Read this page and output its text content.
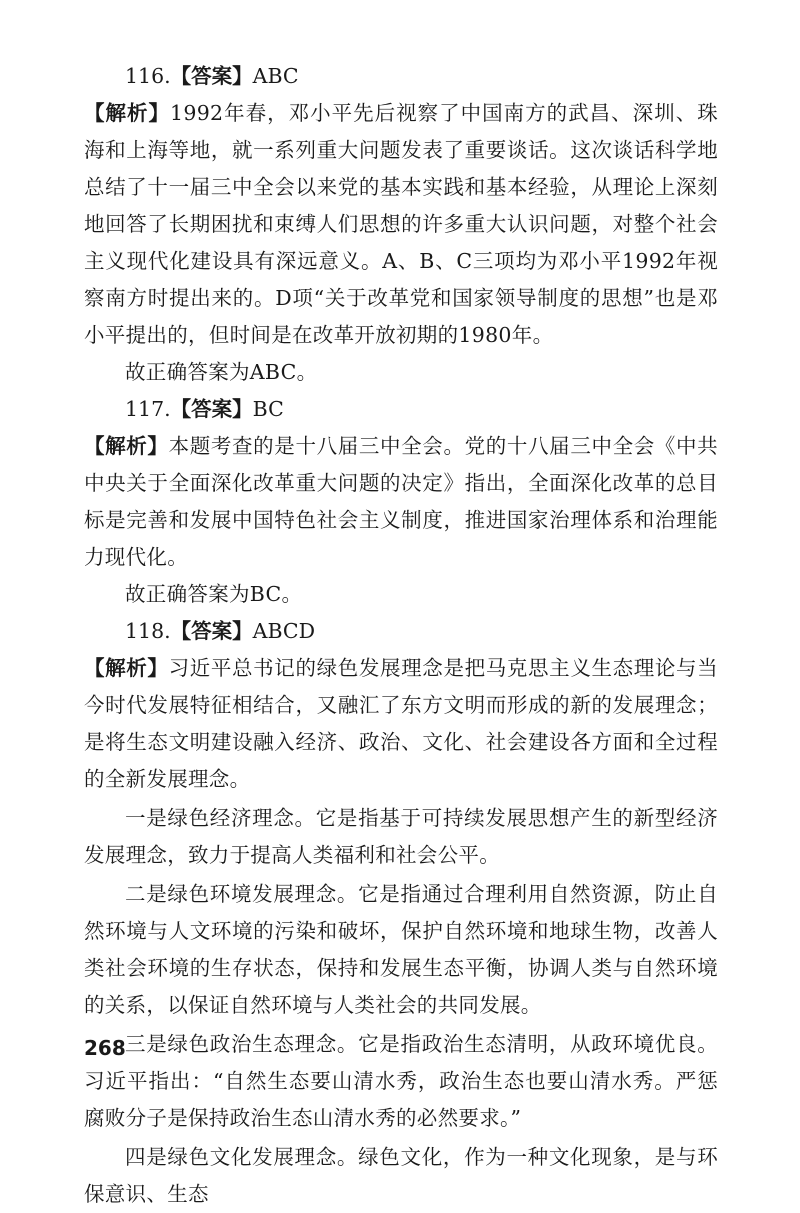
116.【答案】ABC

【解析】1992年春，邓小平先后视察了中国南方的武昌、深圳、珠海和上海等地，就一系列重大问题发表了重要谈话。这次谈话科学地总结了十一届三中全会以来党的基本实践和基本经验，从理论上深刻地回答了长期困扰和束缚人们思想的许多重大认识问题，对整个社会主义现代化建设具有深远意义。A、B、C三项均为邓小平1992年视察南方时提出来的。D项“关于改革党和国家领导制度的思想”也是邓小平提出的，但时间是在改革开放初期的1980年。

故正确答案为ABC。

117.【答案】BC

【解析】本题考查的是十八届三中全会。党的十八届三中全会《中共中央关于全面深化改革重大问题的决定》指出，全面深化改革的总目标是完善和发展中国特色社会主义制度，推进国家治理体系和治理能力现代化。

故正确答案为BC。

118.【答案】ABCD

【解析】习近平总书记的绿色发展理念是把马克思主义生态理论与当今时代发展特征相结合，又融汇了东方文明而形成的新的发展理念；是将生态文明建设融入经济、政治、文化、社会建设各方面和全过程的全新发展理念。

一是绿色经济理念。它是指基于可持续发展思想产生的新型经济发展理念，致力于提高人类福利和社会公平。

二是绿色环境发展理念。它是指通过合理利用自然资源，防止自然环境与人文环境的污染和破坏，保护自然环境和地球生物，改善人类社会环境的生存状态，保持和发展生态平衡，协调人类与自然环境的关系，以保证自然环境与人类社会的共同发展。

三是绿色政治生态理念。它是指政治生态清明，从政环境优良。习近平指出：“自然生态要山清水秀，政治生态也要山清水秀。严惩腐败分子是保持政治生态山清水秀的必然要求。”

四是绿色文化发展理念。绿色文化，作为一种文化现象，是与环保意识、生态

268
